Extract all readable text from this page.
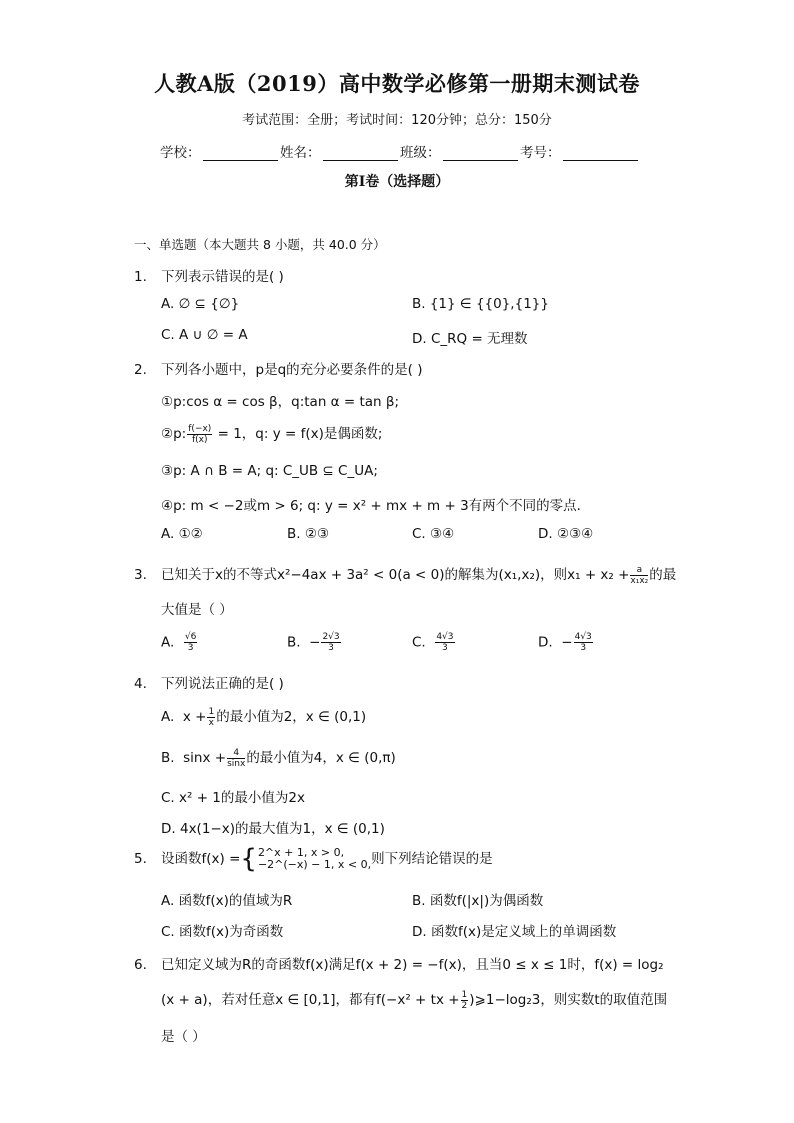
人教A版（2019）高中数学必修第一册期末测试卷
考试范围：全册；考试时间：120分钟；总分：150分
学校：	姓名：	班级：	考号：
第I卷（选择题）
一、单选题（本大题共 8 小题，共 40.0 分）
1. 下列表示错误的是( )
A. ∅ ⊆ {∅}	B. {1} ∈ {{0},{1}}
C. A ∪ ∅ = A	D. C_RQ = 无理数
2. 下列各小题中，p是q的充分必要条件的是( )
①p:cos α = cos β，q:tan α = tan β;
②p: $\frac{f(-x)}{f(x)} = 1$，q: y = f(x)是偶函数;
③p: A ∩ B = A; q: C_UB ⊆ C_UA;
④p: m < −2或m > 6; q: y = x² + mx + m + 3有两个不同的零点．
A. ①②	B. ②③	C. ③④	D. ②③④
3. 已知关于x的不等式x²−4ax + 3a² < 0(a < 0)的解集为(x₁,x₂)，则$x_1 + x_2 + \frac{a}{\text{x₁x₂}}$ 的最
大值是（ ）
A. $\frac{√6}{3}$	B.  − $\frac{2√3}{3}$	C. $\frac{4√3}{3}$	D.  − $\frac{4√3}{3}$
4. 下列说法正确的是( )
A.  $x + \frac{1}{x}$ 的最小值为2，x ∈ (0,1)
B.  $\sin x + \frac{4}{\sin x}$ 的最小值为4，x ∈ (0,π)
C. x² + 1的最小值为2x
D. 4x(1−x)的最大值为1，x ∈ (0,1)
5. 设函数f(x) ={ 2^x + 1, x > 0,
−2^(−x) − 1, x < 0, 则下列结论错误的是
A. 函数f(x)的值域为R	B. 函数f(|x|)为偶函数
C. 函数f(x)为奇函数	D. 函数f(x)是定义域上的单调函数
6. 已知定义域为R的奇函数f(x)满足f(x + 2) = −f(x)，且当0 ≤ x ≤ 1时，f(x) = log₂
(x + a)，若对任意x ∈ [0,1]，都有f(−x² + tx + $\frac{1}{2}$ )⩾1−log₂3，则实数t的取值范围
是（ ）
